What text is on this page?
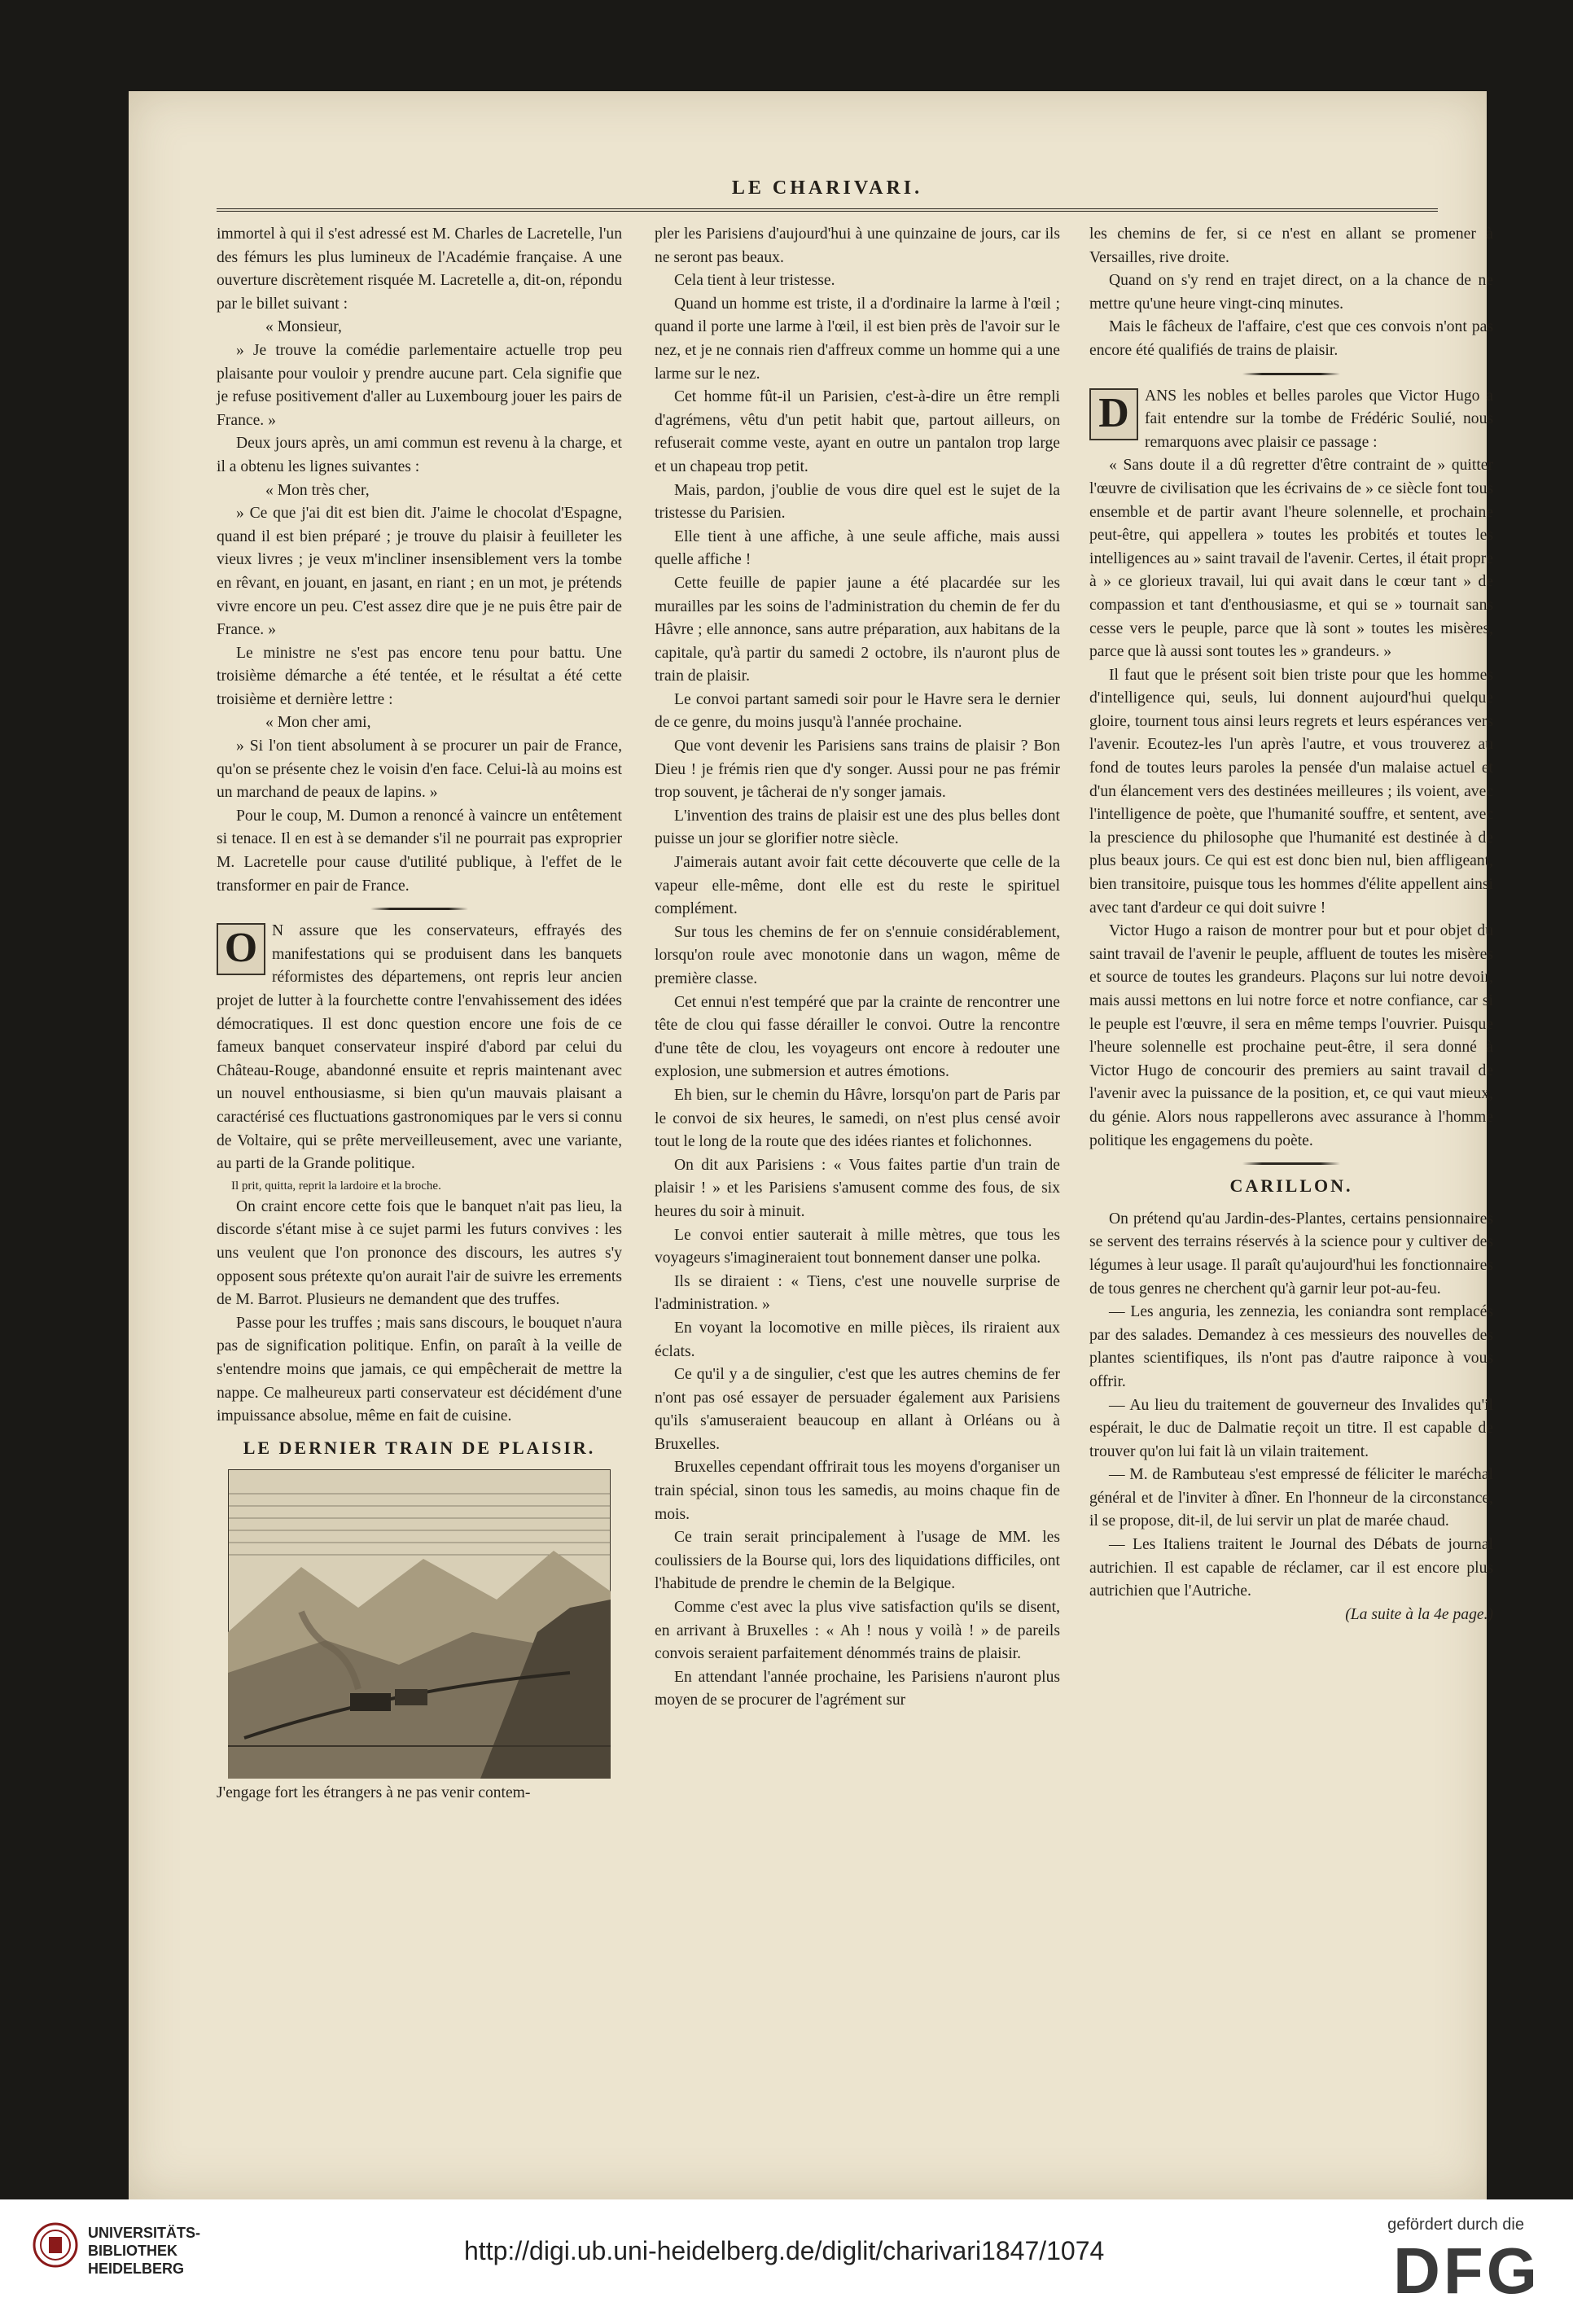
LE CHARIVARI.

immortel à qui il s'est adressé est M. Charles de Lacretelle, l'un des fémurs les plus lumineux de l'Académie française. A une ouverture discrètement risquée M. Lacretelle a, dit-on, répondu par le billet suivant :

« Monsieur,

» Je trouve la comédie parlementaire actuelle trop peu plaisante pour vouloir y prendre aucune part. Cela signifie que je refuse positivement d'aller au Luxembourg jouer les pairs de France. »

Deux jours après, un ami commun est revenu à la charge, et il a obtenu les lignes suivantes :

« Mon très cher,

» Ce que j'ai dit est bien dit. J'aime le chocolat d'Espagne, quand il est bien préparé ; je trouve du plaisir à feuilleter les vieux livres ; je veux m'incliner insensiblement vers la tombe en rêvant, en jouant, en jasant, en riant ; en un mot, je prétends vivre encore un peu. C'est assez dire que je ne puis être pair de France. »

Le ministre ne s'est pas encore tenu pour battu. Une troisième démarche a été tentée, et le résultat a été cette troisième et dernière lettre :

« Mon cher ami,

» Si l'on tient absolument à se procurer un pair de France, qu'on se présente chez le voisin d'en face. Celui-là au moins est un marchand de peaux de lapins. »

Pour le coup, M. Dumon a renoncé à vaincre un entêtement si tenace. Il en est à se demander s'il ne pourrait pas exproprier M. Lacretelle pour cause d'utilité publique, à l'effet de le transformer en pair de France.

O N assure que les conservateurs, effrayés des manifestations qui se produisent dans les banquets réformistes des départemens, ont repris leur ancien projet de lutter à la fourchette contre l'envahissement des idées démocratiques. Il est donc question encore une fois de ce fameux banquet conservateur inspiré d'abord par celui du Château-Rouge, abandonné ensuite et repris maintenant avec un nouvel enthousiasme, si bien qu'un mauvais plaisant a caractérisé ces fluctuations gastronomiques par le vers si connu de Voltaire, qui se prête merveilleusement, avec une variante, au parti de la Grande politique.

Il prit, quitta, reprit la lardoire et la broche.

On craint encore cette fois que le banquet n'ait pas lieu, la discorde s'étant mise à ce sujet parmi les futurs convives : les uns veulent que l'on prononce des discours, les autres s'y opposent sous prétexte qu'on aurait l'air de suivre les errements de M. Barrot. Plusieurs ne demandent que des truffes.

Passe pour les truffes ; mais sans discours, le bouquet n'aura pas de signification politique. Enfin, on paraît à la veille de s'entendre moins que jamais, ce qui empêcherait de mettre la nappe. Ce malheureux parti conservateur est décidément d'une impuissance absolue, même en fait de cuisine.

LE DERNIER TRAIN DE PLAISIR.

J'engage fort les étrangers à ne pas venir contem-

pler les Parisiens d'aujourd'hui à une quinzaine de jours, car ils ne seront pas beaux.

Cela tient à leur tristesse.

Quand un homme est triste, il a d'ordinaire la larme à l'œil ; quand il porte une larme à l'œil, il est bien près de l'avoir sur le nez, et je ne connais rien d'affreux comme un homme qui a une larme sur le nez.

Cet homme fût-il un Parisien, c'est-à-dire un être rempli d'agrémens, vêtu d'un petit habit que, partout ailleurs, on refuserait comme veste, ayant en outre un pantalon trop large et un chapeau trop petit.

Mais, pardon, j'oublie de vous dire quel est le sujet de la tristesse du Parisien.

Elle tient à une affiche, à une seule affiche, mais aussi quelle affiche !

Cette feuille de papier jaune a été placardée sur les murailles par les soins de l'administration du chemin de fer du Hâvre ; elle annonce, sans autre préparation, aux habitans de la capitale, qu'à partir du samedi 2 octobre, ils n'auront plus de train de plaisir.

Le convoi partant samedi soir pour le Havre sera le dernier de ce genre, du moins jusqu'à l'année prochaine.

Que vont devenir les Parisiens sans trains de plaisir ? Bon Dieu ! je frémis rien que d'y songer. Aussi pour ne pas frémir trop souvent, je tâcherai de n'y songer jamais.

L'invention des trains de plaisir est une des plus belles dont puisse un jour se glorifier notre siècle.

J'aimerais autant avoir fait cette découverte que celle de la vapeur elle-même, dont elle est du reste le spirituel complément.

Sur tous les chemins de fer on s'ennuie considérablement, lorsqu'on roule avec monotonie dans un wagon, même de première classe.

Cet ennui n'est tempéré que par la crainte de rencontrer une tête de clou qui fasse dérailler le convoi. Outre la rencontre d'une tête de clou, les voyageurs ont encore à redouter une explosion, une submersion et autres émotions.

Eh bien, sur le chemin du Hâvre, lorsqu'on part de Paris par le convoi de six heures, le samedi, on n'est plus censé avoir tout le long de la route que des idées riantes et folichonnes.

On dit aux Parisiens : « Vous faites partie d'un train de plaisir ! » et les Parisiens s'amusent comme des fous, de six heures du soir à minuit.

Le convoi entier sauterait à mille mètres, que tous les voyageurs s'imagineraient tout bonnement danser une polka.

Ils se diraient : « Tiens, c'est une nouvelle surprise de l'administration. »

En voyant la locomotive en mille pièces, ils riraient aux éclats.

Ce qu'il y a de singulier, c'est que les autres chemins de fer n'ont pas osé essayer de persuader également aux Parisiens qu'ils s'amuseraient beaucoup en allant à Orléans ou à Bruxelles.

Bruxelles cependant offrirait tous les moyens d'organiser un train spécial, sinon tous les samedis, au moins chaque fin de mois.

Ce train serait principalement à l'usage de MM. les coulissiers de la Bourse qui, lors des liquidations difficiles, ont l'habitude de prendre le chemin de la Belgique.

Comme c'est avec la plus vive satisfaction qu'ils se disent, en arrivant à Bruxelles : « Ah ! nous y voilà ! » de pareils convois seraient parfaitement dénommés trains de plaisir.

En attendant l'année prochaine, les Parisiens n'auront plus moyen de se procurer de l'agrément sur

les chemins de fer, si ce n'est en allant se promener à Versailles, rive droite.

Quand on s'y rend en trajet direct, on a la chance de ne mettre qu'une heure vingt-cinq minutes.

Mais le fâcheux de l'affaire, c'est que ces convois n'ont pas encore été qualifiés de trains de plaisir.

D ANS les nobles et belles paroles que Victor Hugo a fait entendre sur la tombe de Frédéric Soulié, nous remarquons avec plaisir ce passage :

« Sans doute il a dû regretter d'être contraint de » quitter l'œuvre de civilisation que les écrivains de » ce siècle font tous ensemble et de partir avant l'heure solennelle, et prochaine peut-être, qui appellera » toutes les probités et toutes les intelligences au » saint travail de l'avenir. Certes, il était propre à » ce glorieux travail, lui qui avait dans le cœur tant » de compassion et tant d'enthousiasme, et qui se » tournait sans cesse vers le peuple, parce que là sont » toutes les misères, parce que là aussi sont toutes les » grandeurs. »

Il faut que le présent soit bien triste pour que les hommes d'intelligence qui, seuls, lui donnent aujourd'hui quelque gloire, tournent tous ainsi leurs regrets et leurs espérances vers l'avenir. Ecoutez-les l'un après l'autre, et vous trouverez au fond de toutes leurs paroles la pensée d'un malaise actuel et d'un élancement vers des destinées meilleures ; ils voient, avec l'intelligence de poète, que l'humanité souffre, et sentent, avec la prescience du philosophe que l'humanité est destinée à de plus beaux jours. Ce qui est est donc bien nul, bien affligeant, bien transitoire, puisque tous les hommes d'élite appellent ainsi avec tant d'ardeur ce qui doit suivre !

Victor Hugo a raison de montrer pour but et pour objet du saint travail de l'avenir le peuple, affluent de toutes les misères et source de toutes les grandeurs. Plaçons sur lui notre devoir, mais aussi mettons en lui notre force et notre confiance, car si le peuple est l'œuvre, il sera en même temps l'ouvrier. Puisque l'heure solennelle est prochaine peut-être, il sera donné à Victor Hugo de concourir des premiers au saint travail de l'avenir avec la puissance de la position, et, ce qui vaut mieux, du génie. Alors nous rappellerons avec assurance à l'homme politique les engagemens du poète.

CARILLON.

On prétend qu'au Jardin-des-Plantes, certains pensionnaires se servent des terrains réservés à la science pour y cultiver des légumes à leur usage. Il paraît qu'aujourd'hui les fonctionnaires de tous genres ne cherchent qu'à garnir leur pot-au-feu.

— Les anguria, les zennezia, les coniandra sont remplacés par des salades. Demandez à ces messieurs des nouvelles des plantes scientifiques, ils n'ont pas d'autre raiponce à vous offrir.

— Au lieu du traitement de gouverneur des Invalides qu'il espérait, le duc de Dalmatie reçoit un titre. Il est capable de trouver qu'on lui fait là un vilain traitement.

— M. de Rambuteau s'est empressé de féliciter le maréchal général et de l'inviter à dîner. En l'honneur de la circonstance, il se propose, dit-il, de lui servir un plat de marée chaud.

— Les Italiens traitent le Journal des Débats de journal autrichien. Il est capable de réclamer, car il est encore plus autrichien que l'Autriche.

(La suite à la 4e page.)

UNIVERSITÄTS-
BIBLIOTHEK
HEIDELBERG
http://digi.ub.uni-heidelberg.de/diglit/charivari1847/1074
gefördert durch die
DFG
